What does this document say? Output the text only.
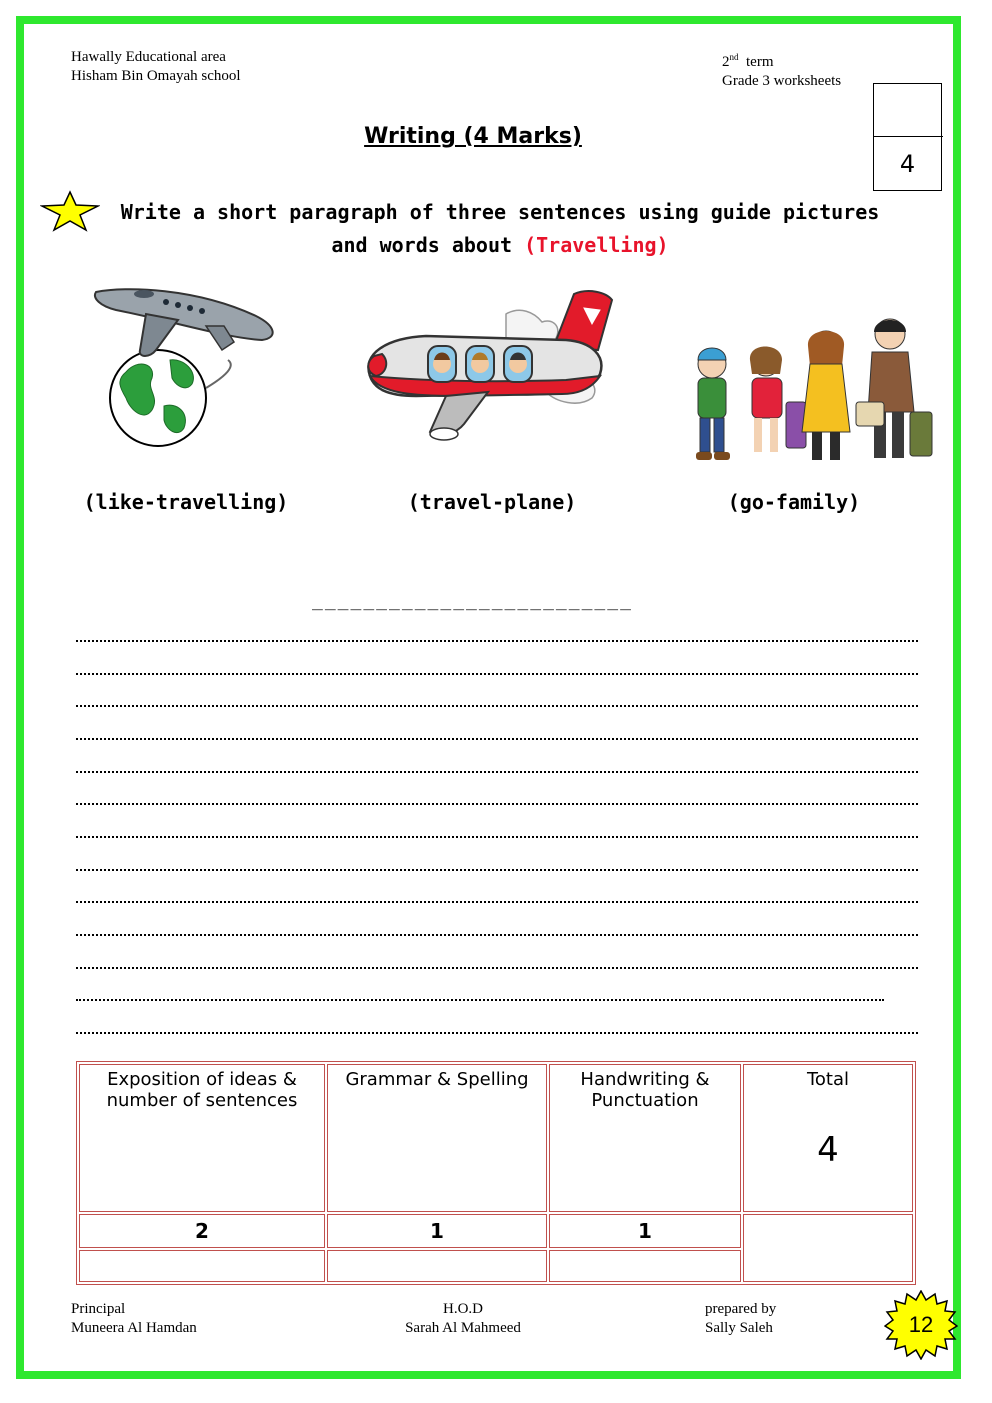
Hawally Educational area
Hisham Bin Omayah school
2nd term
Grade 3 worksheets
4
Writing (4 Marks)
Write a short paragraph of three sentences using guide pictures and words about (Travelling)
(like-travelling)	(travel-plane)	(go-family)
_________________________
Exposition of ideas & number of sentences	Grammar & Spelling	Handwriting & Punctuation	Total
4

2	1	1	

Principal
Muneera Al Hamdan
H.O.D
Sarah Al Mahmeed
prepared by
Sally Saleh	12
